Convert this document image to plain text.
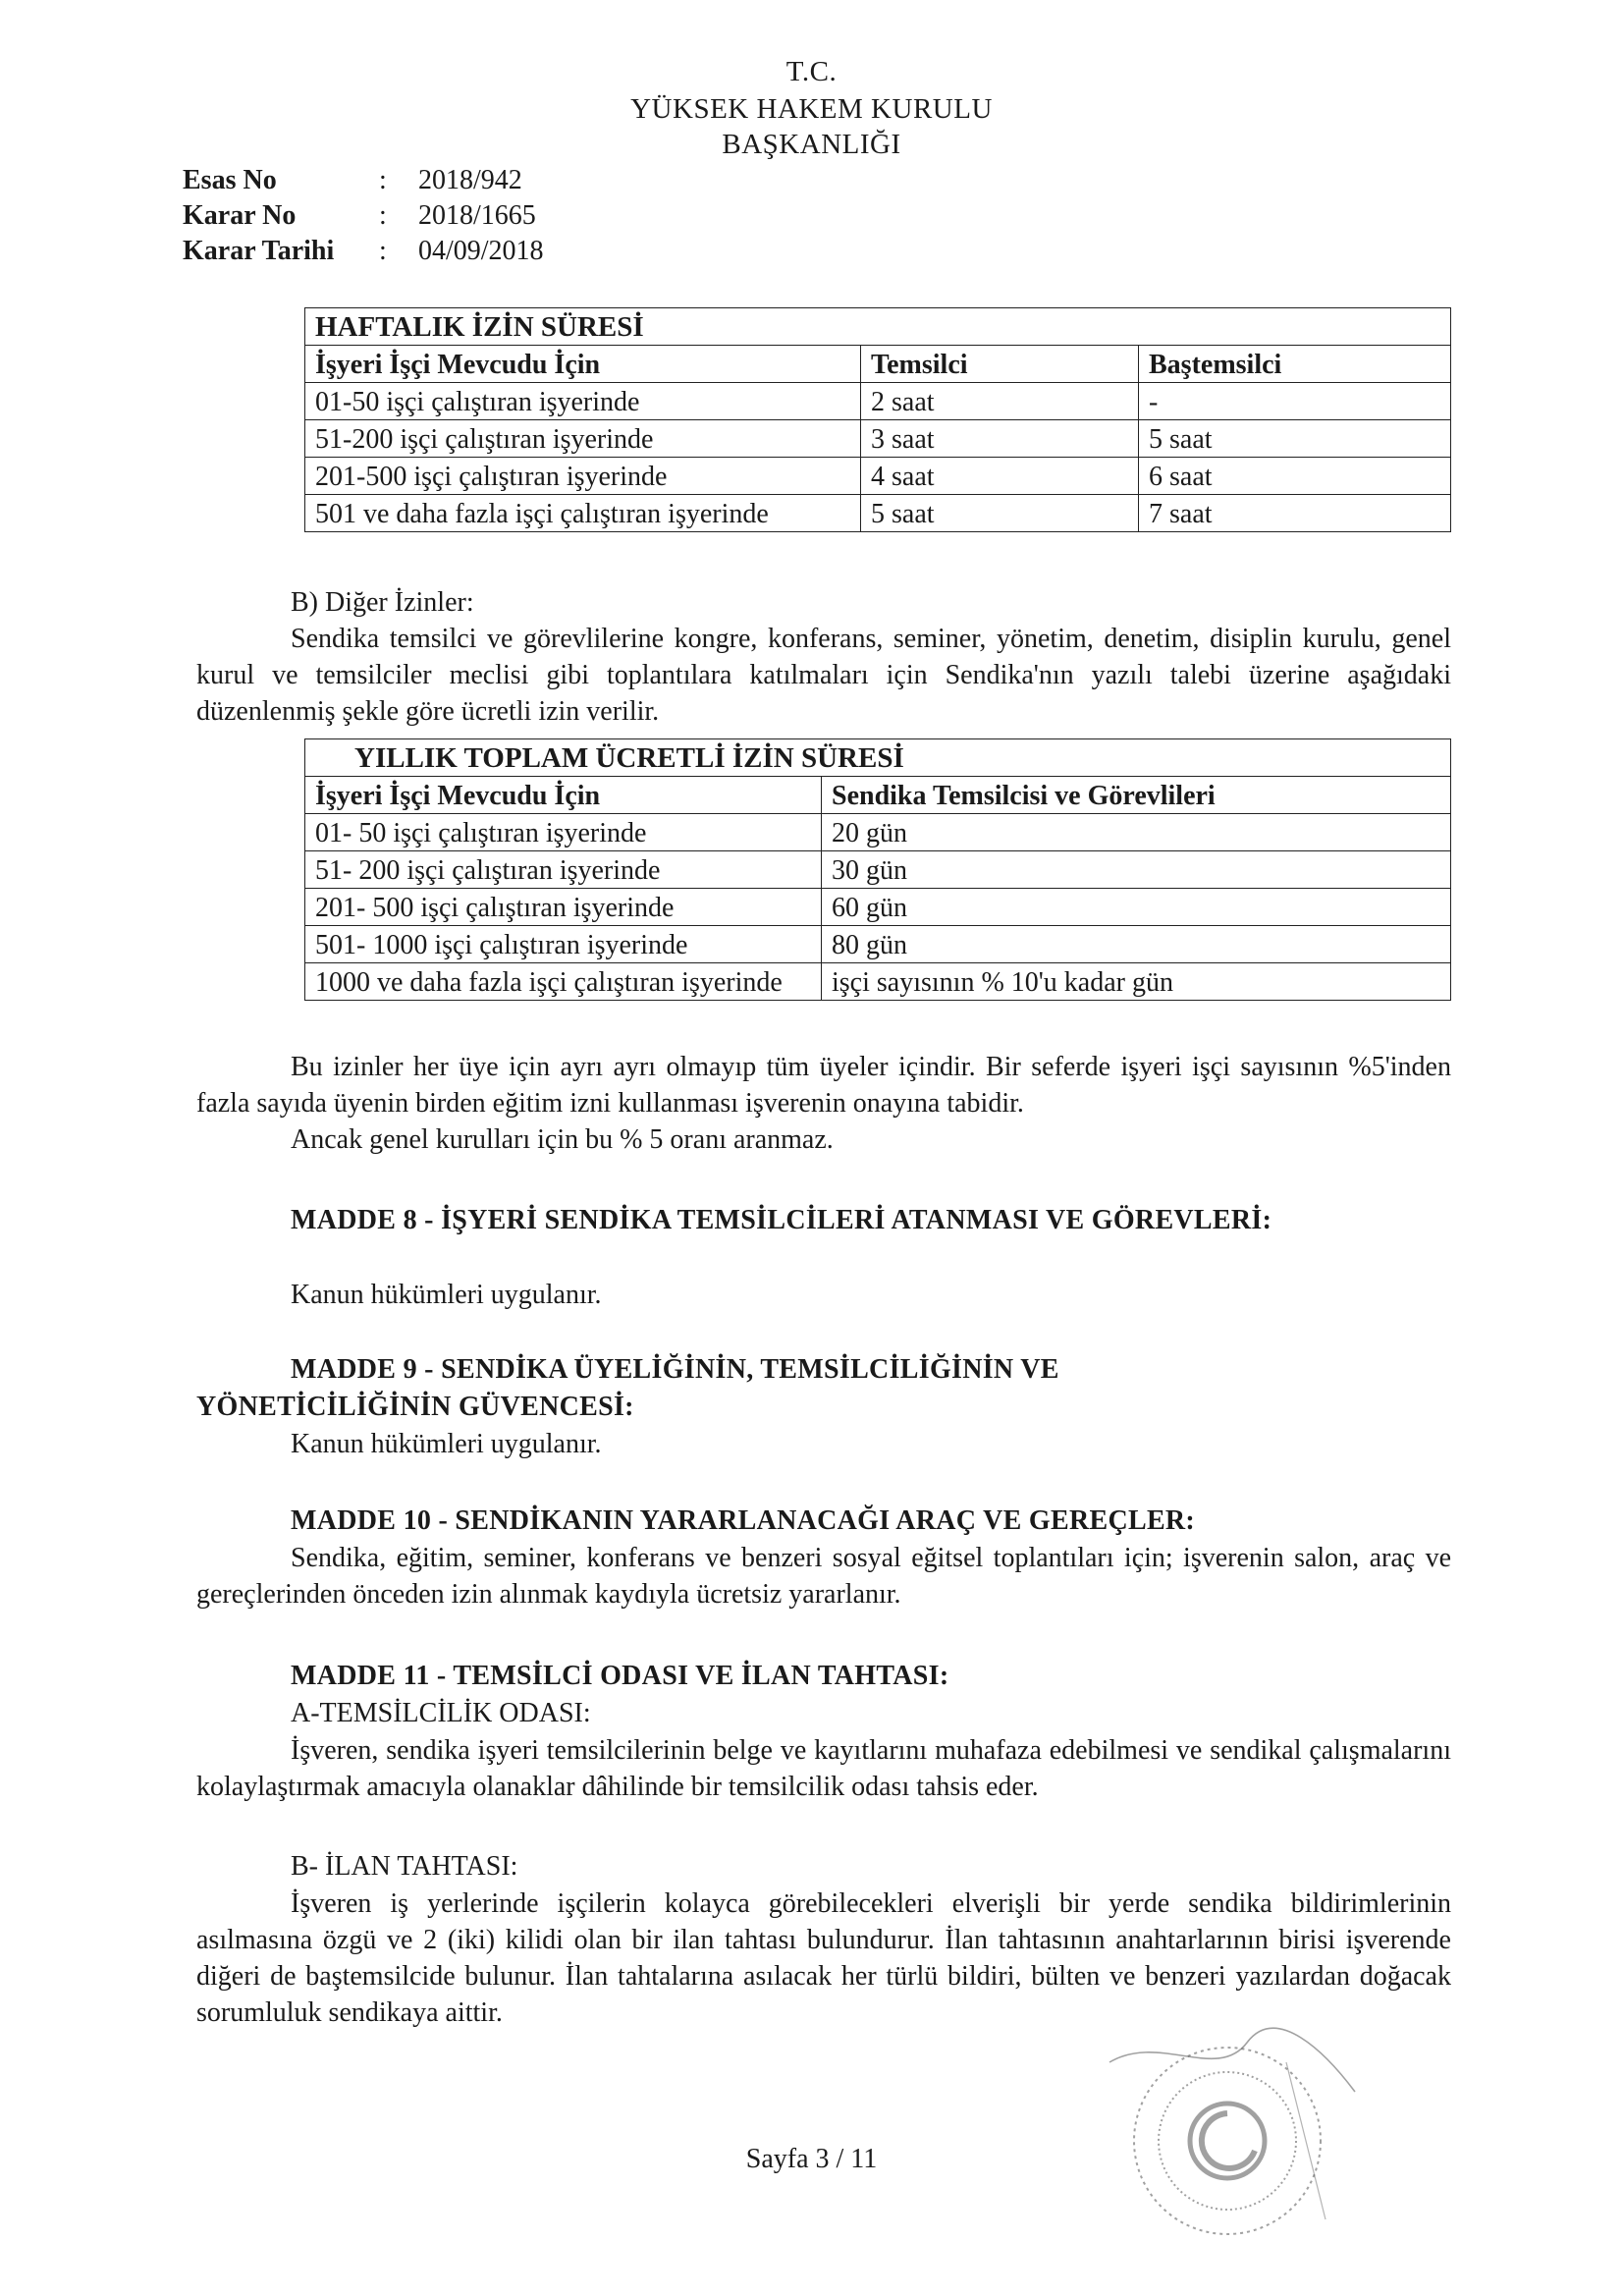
T.C.
YÜKSEK HAKEM KURULU
BAŞKANLIĞI
Esas No	: 2018/942
Karar No	: 2018/1665
Karar Tarihi : 04/09/2018
HAFTALIK İZİN SÜRESİ		
İşyeri İşçi Mevcudu İçin	Temsilci	Baştemsilci
01-50 işçi çalıştıran işyerinde	2 saat	-
51-200 işçi çalıştıran işyerinde	3 saat	5 saat
201-500 işçi çalıştıran işyerinde	4 saat	6 saat
501 ve daha fazla işçi çalıştıran işyerinde	5 saat	7 saat
B) Diğer İzinler:
Sendika temsilci ve görevlilerine kongre, konferans, seminer, yönetim, denetim, disiplin kurulu, genel kurul ve temsilciler meclisi gibi toplantılara katılmaları için Sendika'nın yazılı talebi üzerine aşağıdaki düzenlenmiş şekle göre ücretli izin verilir.
YILLIK TOPLAM ÜCRETLİ İZİN SÜRESİ	
İşyeri İşçi Mevcudu İçin	Sendika Temsilcisi ve Görevlileri
01- 50 işçi çalıştıran işyerinde	20 gün
51- 200 işçi çalıştıran işyerinde	30 gün
201- 500 işçi çalıştıran işyerinde	60 gün
501- 1000 işçi çalıştıran işyerinde	80 gün
1000 ve daha fazla işçi çalıştıran işyerinde	işçi sayısının % 10'u kadar gün
Bu izinler her üye için ayrı ayrı olmayıp tüm üyeler içindir. Bir seferde işyeri işçi sayısının %5'inden fazla sayıda üyenin birden eğitim izni kullanması işverenin onayına tabidir.
Ancak genel kurulları için bu % 5 oranı aranmaz.
MADDE 8 - İŞYERİ SENDİKA TEMSİLCİLERİ ATANMASI VE GÖREVLERİ:
Kanun hükümleri uygulanır.
MADDE 9 - SENDİKA ÜYELİĞİNİN, TEMSİLCİLİĞİNİN VE YÖNETİCİLİĞİNİN GÜVENCESİ:
Kanun hükümleri uygulanır.
MADDE 10 - SENDİKANIN YARARLANACAĞI ARAÇ VE GEREÇLER:
Sendika, eğitim, seminer, konferans ve benzeri sosyal eğitsel toplantıları için; işverenin salon, araç ve gereçlerinden önceden izin alınmak kaydıyla ücretsiz yararlanır.
MADDE 11 - TEMSİLCİ ODASI VE İLAN TAHTASI:
A-TEMSİLCİLİK ODASI:
İşveren, sendika işyeri temsilcilerinin belge ve kayıtlarını muhafaza edebilmesi ve sendikal çalışmalarını kolaylaştırmak amacıyla olanaklar dâhilinde bir temsilcilik odası tahsis eder.
B- İLAN TAHTASI:
İşveren iş yerlerinde işçilerin kolayca görebilecekleri elverişli bir yerde sendika bildirimlerinin asılmasına özgü ve 2 (iki) kilidi olan bir ilan tahtası bulundurur. İlan tahtasının anahtarlarının birisi işverende diğeri de baştemsilcide bulunur. İlan tahtalarına asılacak her türlü bildiri, bülten ve benzeri yazılardan doğacak sorumluluk sendikaya aittir.
Sayfa 3 / 11
